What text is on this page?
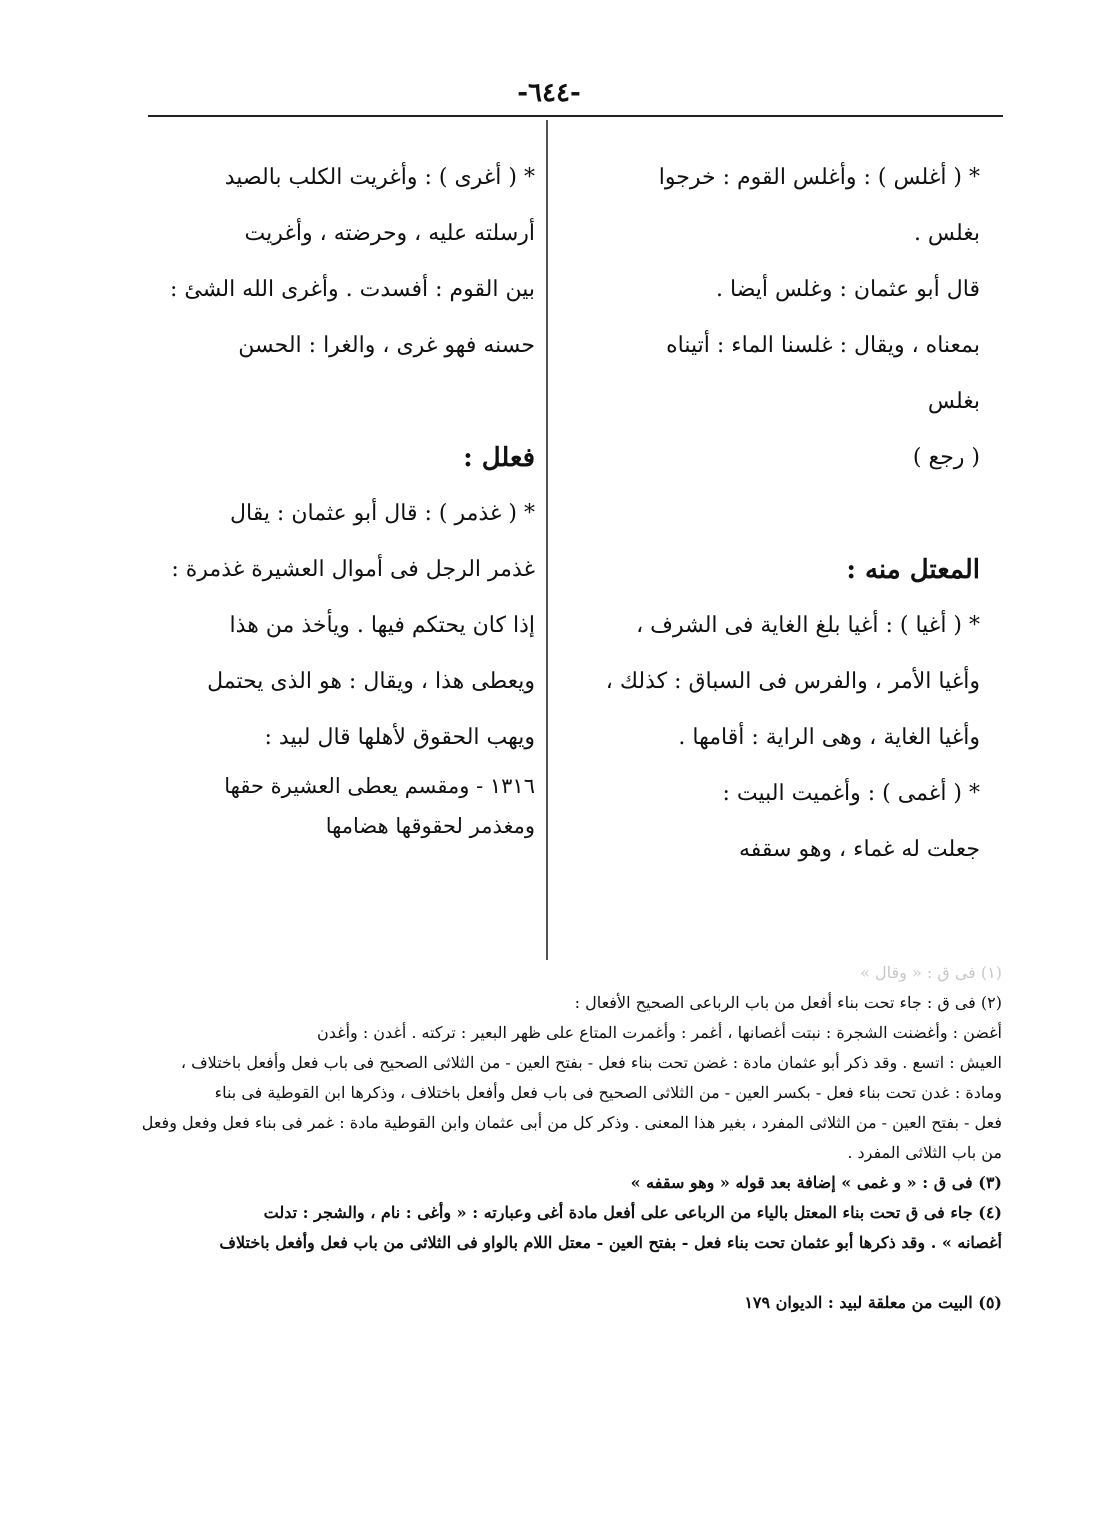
-٦٤٤-
* ( أغلس ) : وأغلس القوم : خرجوا
بغلس .
قال أبو عثمان : وغلس أيضا .
بمعناه ، ويقال : غلسنا الماء : أتيناه
بغلس
( رجع )
المعتل منه :
* ( أغيا ) : أغيا بلغ الغاية فى الشرف ،
وأغيا الأمر ، والفرس فى السباق : كذلك ،
وأغيا الغاية ، وهى الراية : أقامها .
* ( أغمى ) : وأغميت البيت :
جعلت له غماء ، وهو سقفه
* ( أغرى ) : وأغريت الكلب بالصيد
أرسلته عليه ، وحرضته ، وأغريت
بين القوم : أفسدت . وأغرى الله الشئ :
حسنه فهو غرى ، والغرا : الحسن
فعلل :
* ( غذمر ) : قال أبو عثمان : يقال
غذمر الرجل فى أموال العشيرة غذمرة :
إذا كان يحتكم فيها . ويأخذ من هذا
ويعطى هذا ، ويقال : هو الذى يحتمل
ويهب الحقوق لأهلها قال لبيد :
١٣١٦ - ومقسم يعطى العشيرة حقها
ومغذمر لحقوقها هضامها
(١) فى ق : « وقال »
(٢) فى ق : جاء تحت بناء أفعل من باب الرباعى الصحيح الأفعال :
أغضن : وأغضنت الشجرة : نبتت أغصانها ، أغمر : وأغمرت المتاع على ظهر البعير : تركته . أغدن : وأغدن
العيش : اتسع . وقد ذكر أبو عثمان مادة : غضن تحت بناء فعل - بفتح العين - من الثلاثى الصحيح فى باب فعل وأفعل باختلاف ،
ومادة : غدن تحت بناء فعل - بكسر العين - من الثلاثى الصحيح فى باب فعل وأفعل باختلاف ، وذكرها ابن القوطية فى بناء
فعل - بفتح العين - من الثلاثى المفرد ، بغير هذا المعنى . وذكر كل من أبى عثمان وابن القوطية مادة : غمر فى بناء فعل وفعل وفعل
من باب الثلاثى المفرد .
(٣) فى ق : « و غمى » إضافة بعد قوله « وهو سقفه »
(٤) جاء فى ق تحت بناء المعتل بالياء من الرباعى على أفعل مادة أغى وعبارته : « وأغى : نام ، والشجر : تدلت
أغصانه » . وقد ذكرها أبو عثمان تحت بناء فعل - بفتح العين - معتل اللام بالواو فى الثلاثى من باب فعل وأفعل باختلاف
(٥) البيت من معلقة لبيد : الديوان ١٧٩
